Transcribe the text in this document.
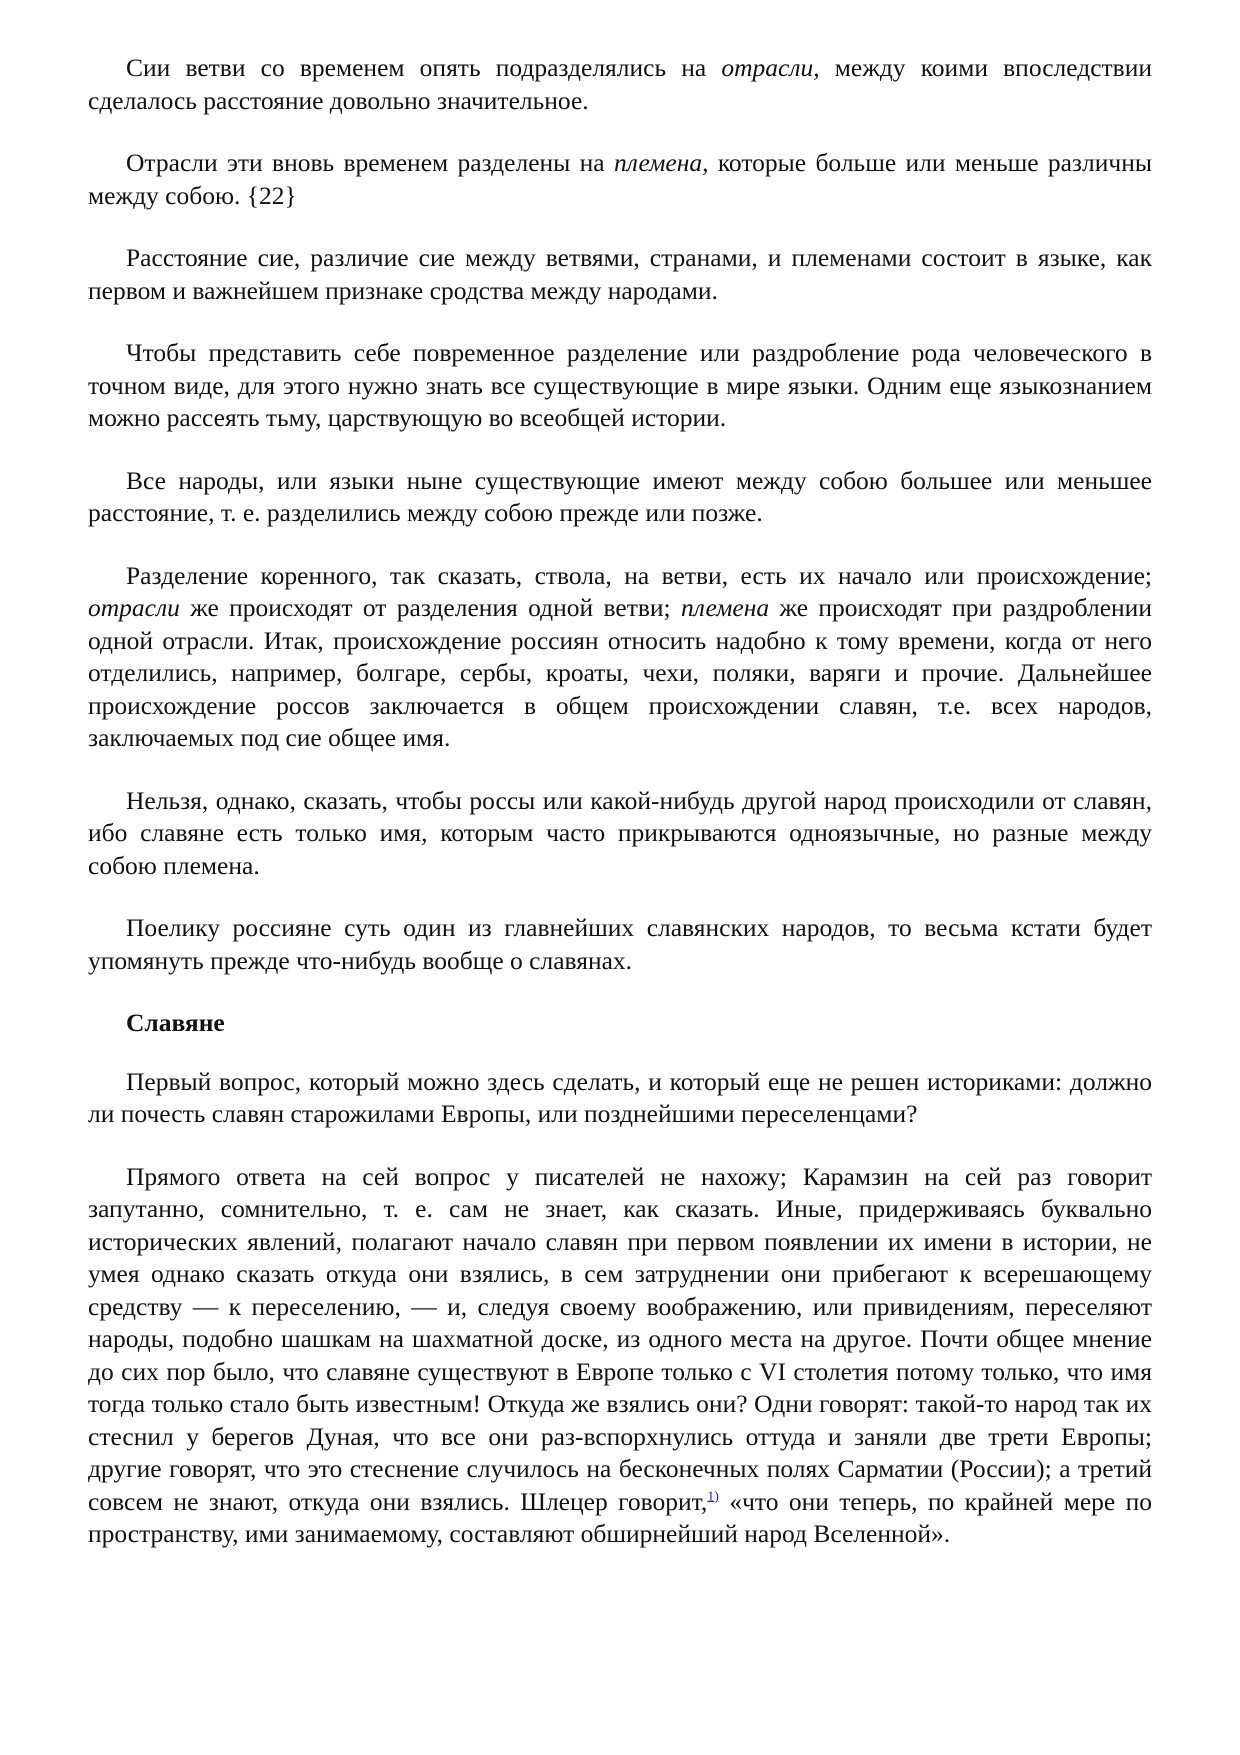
Сии ветви со временем опять подразделялись на отрасли, между коими впоследствии сделалось расстояние довольно значительное.

Отрасли эти вновь временем разделены на племена, которые больше или меньше различны между собою. {22}

Расстояние сие, различие сие между ветвями, странами, и племенами состоит в языке, как первом и важнейшем признаке сродства между народами.

Чтобы представить себе повременное разделение или раздробление рода человеческого в точном виде, для этого нужно знать все существующие в мире языки. Одним еще языкознанием можно рассеять тьму, царствующую во всеобщей истории.

Все народы, или языки ныне существующие имеют между собою большее или меньшее расстояние, т. е. разделились между собою прежде или позже.

Разделение коренного, так сказать, ствола, на ветви, есть их начало или происхождение; отрасли же происходят от разделения одной ветви; племена же происходят при раздроблении одной отрасли. Итак, происхождение россиян относить надобно к тому времени, когда от него отделились, например, болгаре, сербы, кроаты, чехи, поляки, варяги и прочие. Дальнейшее происхождение россов заключается в общем происхождении славян, т.е. всех народов, заключаемых под сие общее имя.

Нельзя, однако, сказать, чтобы россы или какой-нибудь другой народ происходили от славян, ибо славяне есть только имя, которым часто прикрываются одноязычные, но разные между собою племена.

Поелику россияне суть один из главнейших славянских народов, то весьма кстати будет упомянуть прежде что-нибудь вообще о славянах.

Славяне

Первый вопрос, который можно здесь сделать, и который еще не решен историками: должно ли почесть славян старожилами Европы, или позднейшими переселенцами?

Прямого ответа на сей вопрос у писателей не нахожу; Карамзин на сей раз говорит запутанно, сомнительно, т. е. сам не знает, как сказать. Иные, придерживаясь буквально исторических явлений, полагают начало славян при первом появлении их имени в истории, не умея однако сказать откуда они взялись, в сем затруднении они прибегают к всерешающему средству — к переселению, — и, следуя своему воображению, или привидениям, переселяют народы, подобно шашкам на шахматной доске, из одного места на другое. Почти общее мнение до сих пор было, что славяне существуют в Европе только с VI столетия потому только, что имя тогда только стало быть известным! Откуда же взялись они? Одни говорят: такой-то народ так их стеснил у берегов Дуная, что все они раз-вспорхнулись оттуда и заняли две трети Европы; другие говорят, что это стеснение случилось на бесконечных полях Сарматии (России); а третий совсем не знают, откуда они взялись. Шлецер говорит,$^{1)}$ «что они теперь, по крайней мере по пространству, ими занимаемому, составляют обширнейший народ Вселенной».
